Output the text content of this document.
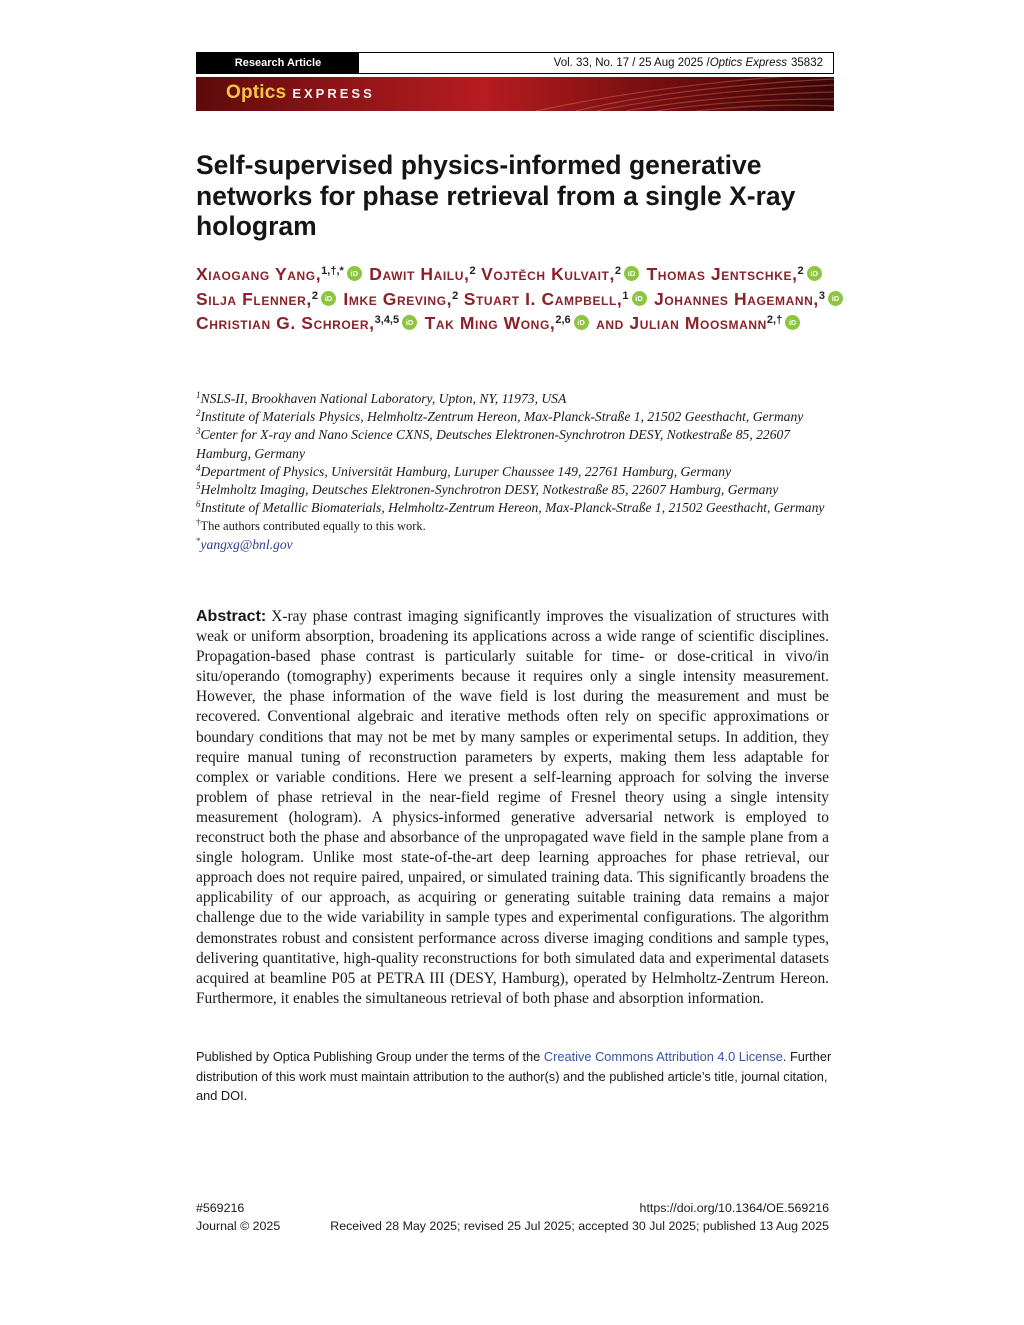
Research Article	Vol. 33, No. 17 / 25 Aug 2025 / Optics Express 35832
Optics EXPRESS
Self-supervised physics-informed generative networks for phase retrieval from a single X-ray hologram

Xiaogang Yang,$^{1,\dagger,*}$ iD Dawit Hailu,$^2$ Vojtěch Kulvait,$^2$ iD Thomas Jentschke,$^2$iD Silja Flenner,$^2$ iD Imke Greving,$^2$ Stuart I. Campbell,$^1$ iD Johannes Hagemann,$^3$iD Christian G. Schroer,$^{3,4,5}$ iD Tak Ming Wong,$^{2,6}$ iD and Julian Moosmann$^{2,\dagger}$iD

$^1$NSLS-II, Brookhaven National Laboratory, Upton, NY, 11973, USA
$^2$Institute of Materials Physics, Helmholtz-Zentrum Hereon, Max-Planck-Straße 1, 21502 Geesthacht, Germany
$^3$Center for X-ray and Nano Science CXNS, Deutsches Elektronen-Synchrotron DESY, Notkestraße 85, 22607 Hamburg, Germany
$^4$Department of Physics, Universität Hamburg, Luruper Chaussee 149, 22761 Hamburg, Germany
$^5$Helmholtz Imaging, Deutsches Elektronen-Synchrotron DESY, Notkestraße 85, 22607 Hamburg, Germany
$^6$Institute of Metallic Biomaterials, Helmholtz-Zentrum Hereon, Max-Planck-Straße 1, 21502 Geesthacht, Germany
†The authors contributed equally to this work.
*yangxg@bnl.gov

Abstract: X-ray phase contrast imaging significantly improves the visualization of structures with weak or uniform absorption, broadening its applications across a wide range of scientific disciplines. Propagation-based phase contrast is particularly suitable for time- or dose-critical in vivo/in situ/operando (tomography) experiments because it requires only a single intensity measurement. However, the phase information of the wave field is lost during the measurement and must be recovered. Conventional algebraic and iterative methods often rely on specific approximations or boundary conditions that may not be met by many samples or experimental setups. In addition, they require manual tuning of reconstruction parameters by experts, making them less adaptable for complex or variable conditions. Here we present a self-learning approach for solving the inverse problem of phase retrieval in the near-field regime of Fresnel theory using a single intensity measurement (hologram). A physics-informed generative adversarial network is employed to reconstruct both the phase and absorbance of the unpropagated wave field in the sample plane from a single hologram. Unlike most state-of-the-art deep learning approaches for phase retrieval, our approach does not require paired, unpaired, or simulated training data. This significantly broadens the applicability of our approach, as acquiring or generating suitable training data remains a major challenge due to the wide variability in sample types and experimental configurations. The algorithm demonstrates robust and consistent performance across diverse imaging conditions and sample types, delivering quantitative, high-quality reconstructions for both simulated data and experimental datasets acquired at beamline P05 at PETRA III (DESY, Hamburg), operated by Helmholtz-Zentrum Hereon. Furthermore, it enables the simultaneous retrieval of both phase and absorption information.

Published by Optica Publishing Group under the terms of the Creative Commons Attribution 4.0 License. Further distribution of this work must maintain attribution to the author(s) and the published article’s title, journal citation, and DOI.

#569216	https://doi.org/10.1364/OE.569216
Journal © 2025	Received 28 May 2025; revised 25 Jul 2025; accepted 30 Jul 2025; published 13 Aug 2025
